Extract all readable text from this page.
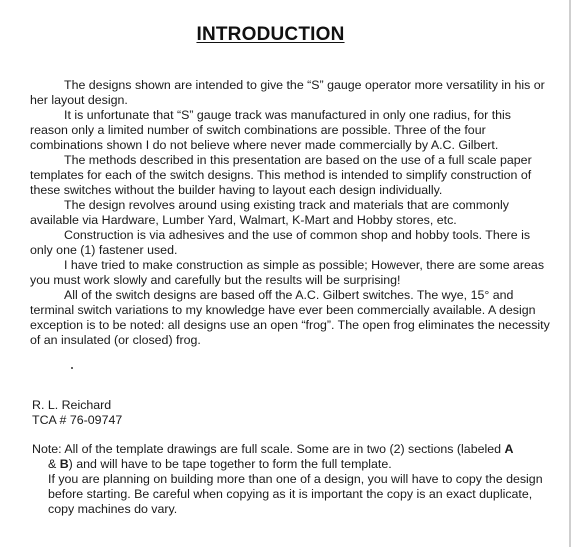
INTRODUCTION

The designs shown are intended to give the “S” gauge operator more versatility in his or her layout design.

It is unfortunate that “S” gauge track was manufactured in only one radius, for this reason only a limited number of switch combinations are possible. Three of the four combinations shown I do not believe where never made commercially by A.C. Gilbert.

The methods described in this presentation are based on the use of a full scale paper templates for each of the switch designs. This method is intended to simplify construction of these switches without the builder having to layout each design individually.

The design revolves around using existing track and materials that are commonly available via Hardware, Lumber Yard, Walmart, K-Mart and Hobby stores, etc.

Construction is via adhesives and the use of common shop and hobby tools. There is only one (1) fastener used.

I have tried to make construction as simple as possible; However, there are some areas you must work slowly and carefully but the results will be surprising!

All of the switch designs are based off the A.C. Gilbert switches. The wye, 15° and terminal switch variations to my knowledge have ever been commercially available. A design exception is to be noted: all designs use an open “frog”. The open frog eliminates the necessity of an insulated (or closed) frog.

R. L. Reichard
TCA # 76-09747

Note: All of the template drawings are full scale. Some are in two (2) sections (labeled A

& B) and will have to be tape together to form the full template.

If you are planning on building more than one of a design, you will have to copy the design before starting. Be careful when copying as it is important the copy is an exact duplicate, copy machines do vary.
